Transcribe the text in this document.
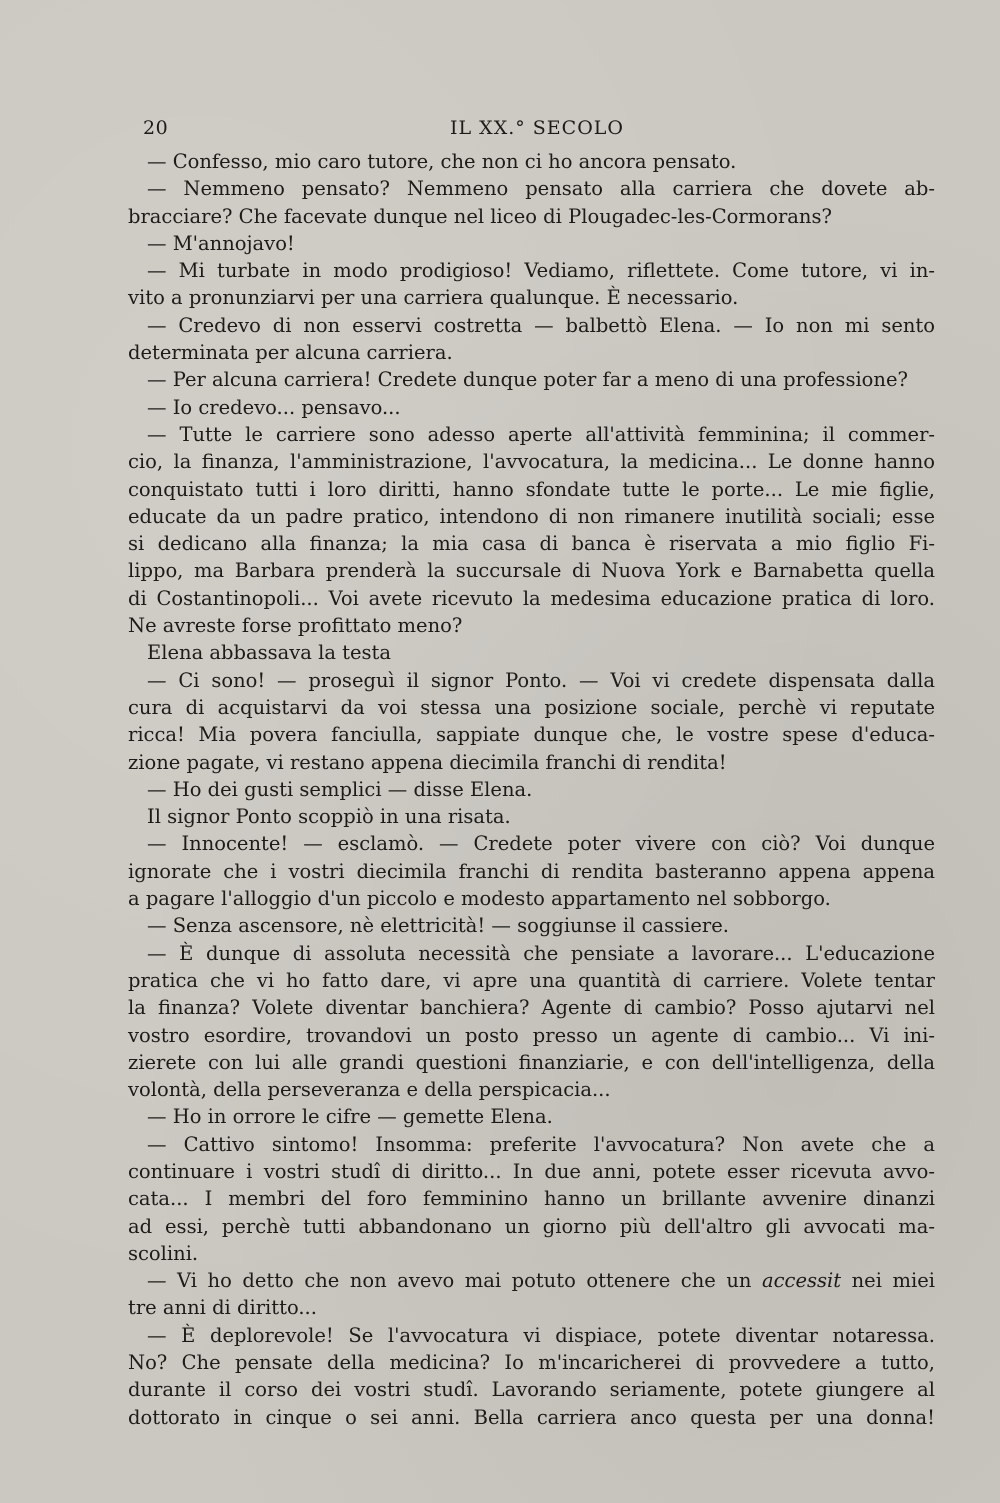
20	IL XX.° SECOLO
— Confesso, mio caro tutore, che non ci ho ancora pensato.
— Nemmeno pensato? Nemmeno pensato alla carriera che dovete ab-
bracciare? Che facevate dunque nel liceo di Plougadec-les-Cormorans?
— M'annojavo!
— Mi turbate in modo prodigioso! Vediamo, riflettete. Come tutore, vi in-
vito a pronunziarvi per una carriera qualunque. È necessario.
— Credevo di non esservi costretta — balbettò Elena. — Io non mi sento
determinata per alcuna carriera.
— Per alcuna carriera! Credete dunque poter far a meno di una professione?
— Io credevo... pensavo...
— Tutte le carriere sono adesso aperte all'attività femminina; il commer-
cio, la finanza, l'amministrazione, l'avvocatura, la medicina... Le donne hanno
conquistato tutti i loro diritti, hanno sfondate tutte le porte... Le mie figlie,
educate da un padre pratico, intendono di non rimanere inutilità sociali; esse
si dedicano alla finanza; la mia casa di banca è riservata a mio figlio Fi-
lippo, ma Barbara prenderà la succursale di Nuova York e Barnabetta quella
di Costantinopoli... Voi avete ricevuto la medesima educazione pratica di loro.
Ne avreste forse profittato meno?
Elena abbassava la testa
— Ci sono! — proseguì il signor Ponto. — Voi vi credete dispensata dalla
cura di acquistarvi da voi stessa una posizione sociale, perchè vi reputate
ricca! Mia povera fanciulla, sappiate dunque che, le vostre spese d'educa-
zione pagate, vi restano appena diecimila franchi di rendita!
— Ho dei gusti semplici — disse Elena.
Il signor Ponto scoppiò in una risata.
— Innocente! — esclamò. — Credete poter vivere con ciò? Voi dunque
ignorate che i vostri diecimila franchi di rendita basteranno appena appena
a pagare l'alloggio d'un piccolo e modesto appartamento nel sobborgo.
— Senza ascensore, nè elettricità! — soggiunse il cassiere.
— È dunque di assoluta necessità che pensiate a lavorare... L'educazione
pratica che vi ho fatto dare, vi apre una quantità di carriere. Volete tentar
la finanza? Volete diventar banchiera? Agente di cambio? Posso ajutarvi nel
vostro esordire, trovandovi un posto presso un agente di cambio... Vi ini-
zierete con lui alle grandi questioni finanziarie, e con dell'intelligenza, della
volontà, della perseveranza e della perspicacia...
— Ho in orrore le cifre — gemette Elena.
— Cattivo sintomo! Insomma: preferite l'avvocatura? Non avete che a
continuare i vostri studî di diritto... In due anni, potete esser ricevuta avvo-
cata... I membri del foro femminino hanno un brillante avvenire dinanzi
ad essi, perchè tutti abbandonano un giorno più dell'altro gli avvocati ma-
scolini.
— Vi ho detto che non avevo mai potuto ottenere che un accessit nei miei
tre anni di diritto...
— È deplorevole! Se l'avvocatura vi dispiace, potete diventar notaressa.
No? Che pensate della medicina? Io m'incaricherei di provvedere a tutto,
durante il corso dei vostri studî. Lavorando seriamente, potete giungere al
dottorato in cinque o sei anni. Bella carriera anco questa per una donna!
